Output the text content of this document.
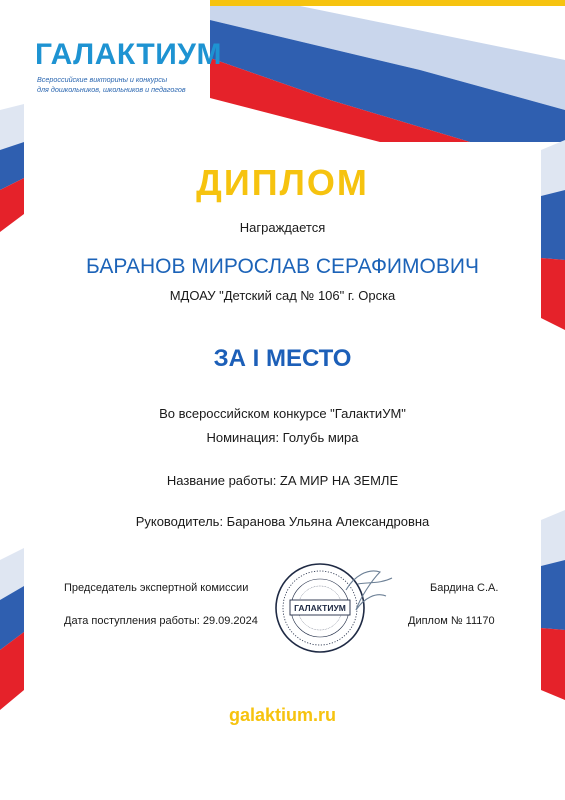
ГАЛАКТИУМ
Всероссийские викторины и конкурсы
для дошкольников, школьников и педагогов
ДИПЛОМ
Награждается
БАРАНОВ МИРОСЛАВ СЕРАФИМОВИЧ
МДОАУ "Детский сад № 106" г. Орска
ЗА I МЕСТО
Во всероссийском конкурсе "ГалактиУМ"
Номинация: Голубь мира
Название работы: ZA МИР НА ЗЕМЛЕ
Руководитель: Баранова Ульяна Александровна
ГАЛАКТИУМ
Председатель экспертной комиссии	Бардина С.А.
Дата поступления работы: 29.09.2024	Диплом № 11170
galaktium.ru
